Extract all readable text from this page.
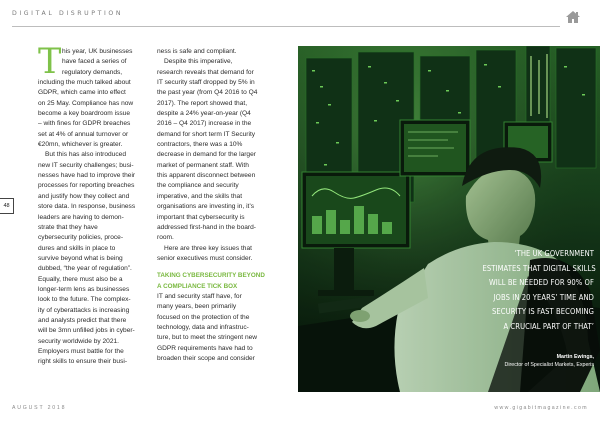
DIGITAL DISRUPTION
48
T his year, UK businesses
have faced a series of
regulatory demands,
including the much talked about
GDPR, which came into effect
on 25 May. Compliance has now
become a key boardroom issue
– with fines for GDPR breaches
set at 4% of annual turnover or
€20mn, whichever is greater.
But this has also introduced
new IT security challenges; busi-
nesses have had to improve their
processes for reporting breaches
and justify how they collect and
store data. In response, business
leaders are having to demon-
strate that they have
cybersecurity policies, proce-
dures and skills in place to
survive beyond what is being
dubbed, “the year of regulation”.
Equally, there must also be a
longer-term lens as businesses
look to the future. The complex-
ity of cyberattacks is increasing
and analysts predict that there
will be 3mn unfilled jobs in cyber-
security worldwide by 2021.
Employers must battle for the
right skills to ensure their busi-
ness is safe and compliant.
Despite this imperative,
research reveals that demand for
IT security staff dropped by 5% in
the past year (from Q4 2016 to Q4
2017). The report showed that,
despite a 24% year-on-year (Q4
2016 – Q4 2017) increase in the
demand for short term IT Security
contractors, there was a 10%
decrease in demand for the larger
market of permanent staff. With
this apparent disconnect between
the compliance and security
imperative, and the skills that
organisations are investing in, it’s
important that cybersecurity is
addressed first-hand in the board-
room.
Here are three key issues that
senior executives must consider.
TAKING CYBERSECURITY BEYOND
A COMPLIANCE TICK BOX
IT and security staff have, for
many years, been primarily
focused on the protection of the
technology, data and infrastruc-
ture, but to meet the stringent new
GDPR requirements have had to
broaden their scope and consider
‘THE UK GOVERNMENT
ESTIMATES THAT DIGITAL SKILLS
WILL BE NEEDED FOR 90% OF
JOBS IN 20 YEARS’ TIME AND
SECURITY IS FAST BECOMING
A CRUCIAL PART OF THAT’
Martin Ewings,
Director of Specialist Markets, Experis
AUGUST 2018	www.gigabitmagazine.com
